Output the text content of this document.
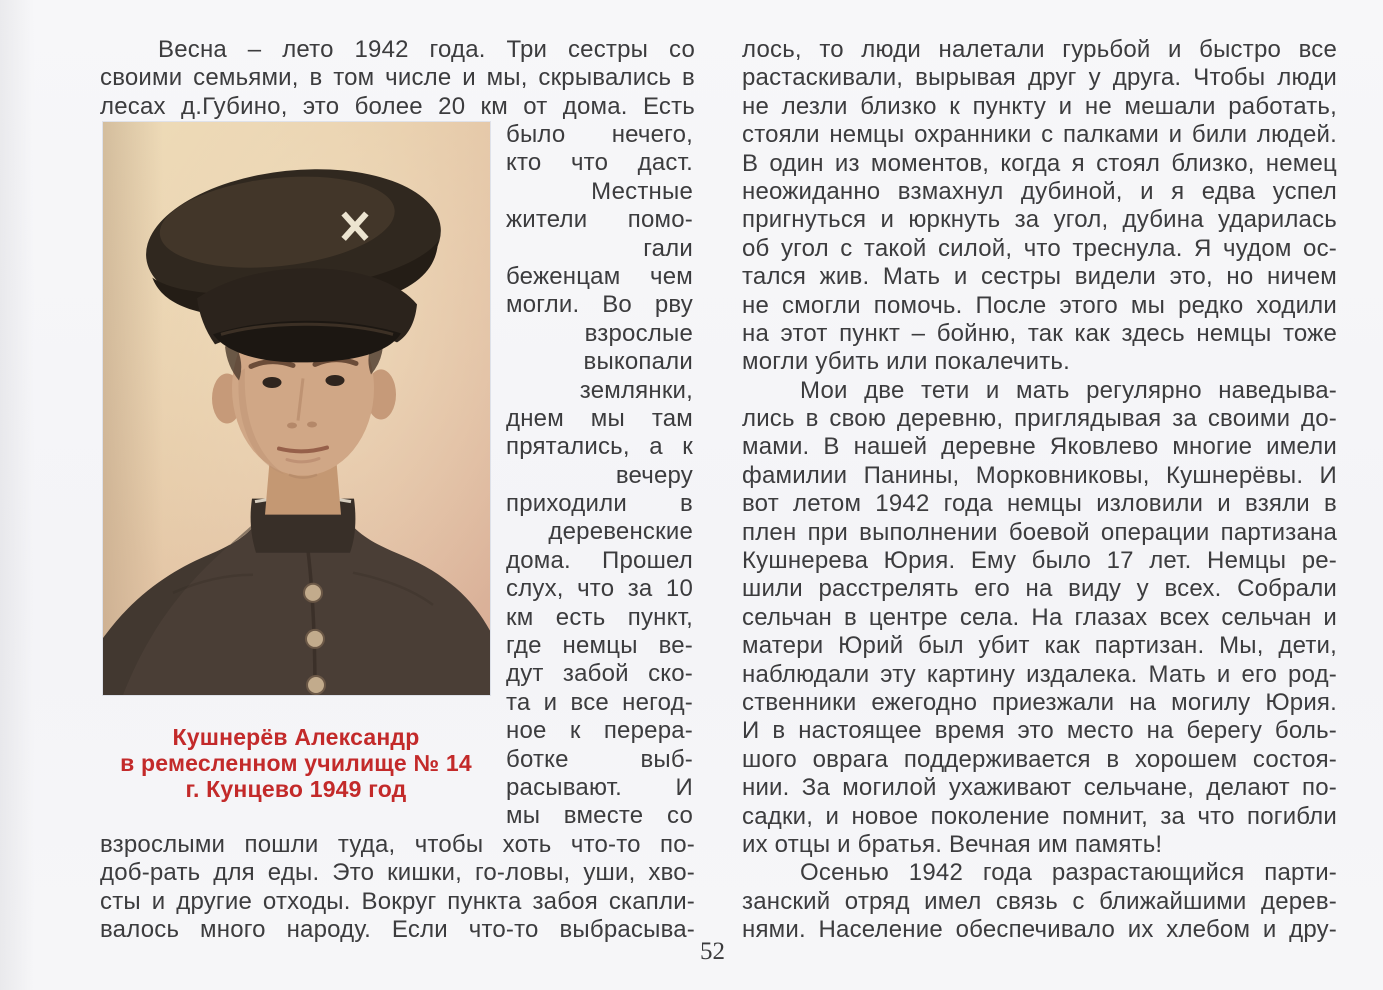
Весна – лето 1942 года. Три сестры со
своими семьями, в том числе и мы, скрывались в
лесах д.Губино, это более 20 км от дома. Есть
было нечего,
кто что даст.
Местные
жители помо-
гали
беженцам чем
могли. Во рву
взрослые
выкопали
землянки,
днем мы там
прятались, а к
вечеру
приходили в
деревенские
дома. Прошел
слух, что за 10
км есть пункт,
где немцы ве-
дут забой ско-
та и все негод-
ное к перера-
ботке выб-
расывают. И
мы вместе со
Кушнерёв Александр
в ремесленном училище № 14
г. Кунцево 1949 год
взрослыми пошли туда, чтобы хоть что-то по-
доб-рать для еды. Это кишки, го-ловы, уши, хво-
сты и другие отходы. Вокруг пункта забоя скапли-
валось много народу. Если что-то выбрасыва-
лось, то люди налетали гурьбой и быстро все
растаскивали, вырывая друг у друга. Чтобы люди
не лезли близко к пункту и не мешали работать,
стояли немцы охранники с палками и били людей.
В один из моментов, когда я стоял близко, немец
неожиданно взмахнул дубиной, и я едва успел
пригнуться и юркнуть за угол, дубина ударилась
об угол с такой силой, что треснула. Я чудом ос-
тался жив. Мать и сестры видели это, но ничем
не смогли помочь. После этого мы редко ходили
на этот пункт – бойню, так как здесь немцы тоже
могли убить или покалечить.
Мои две тети и мать регулярно наведыва-
лись в свою деревню, приглядывая за своими до-
мами. В нашей деревне Яковлево многие имели
фамилии Панины, Морковниковы, Кушнерёвы. И
вот летом 1942 года немцы изловили и взяли в
плен при выполнении боевой операции партизана
Кушнерева Юрия. Ему было 17 лет. Немцы ре-
шили расстрелять его на виду у всех. Собрали
сельчан в центре села. На глазах всех сельчан и
матери Юрий был убит как партизан. Мы, дети,
наблюдали эту картину издалека. Мать и его род-
ственники ежегодно приезжали на могилу Юрия.
И в настоящее время это место на берегу боль-
шого оврага поддерживается в хорошем состоя-
нии. За могилой ухаживают сельчане, делают по-
садки, и новое поколение помнит, за что погибли
их отцы и братья. Вечная им память!
Осенью 1942 года разрастающийся парти-
занский отряд имел связь с ближайшими дерев-
нями. Население обеспечивало их хлебом и дру-
52
